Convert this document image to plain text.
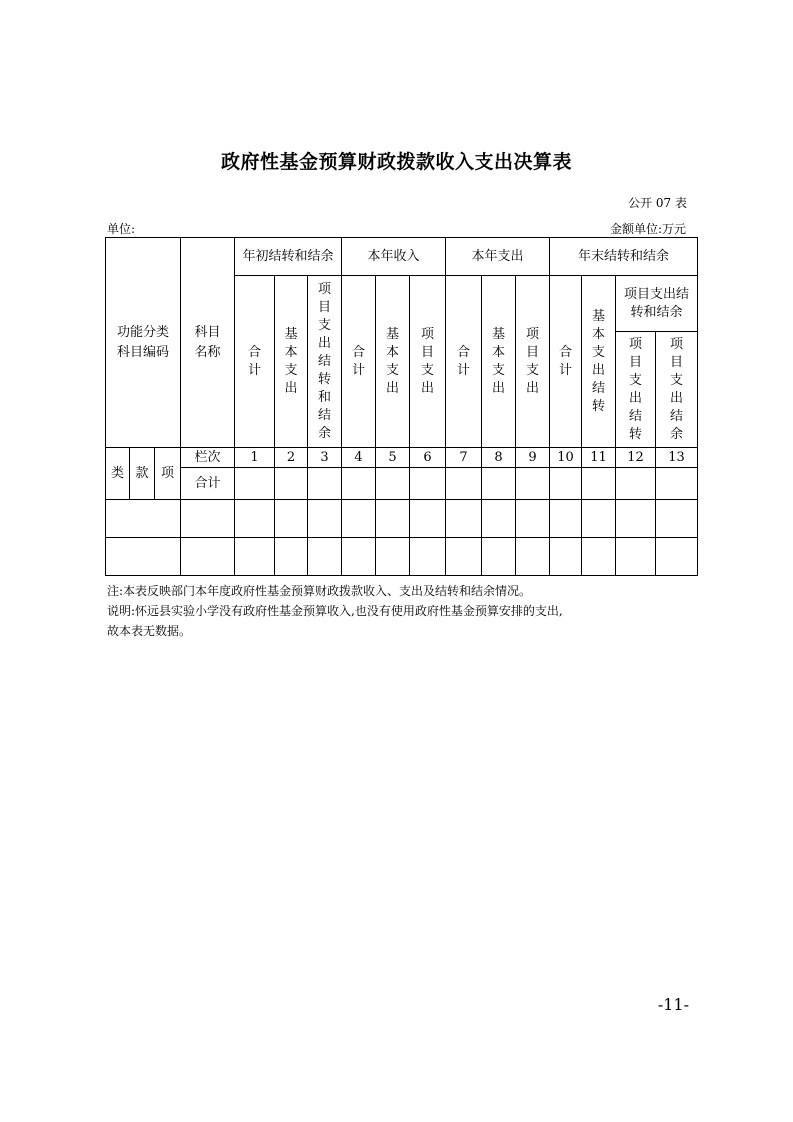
政府性基金预算财政拨款收入支出决算表
公开 07 表
单位:	金额单位:万元
功能分类科目编码			科目名称	年初结转和结余			本年收入			本年支出			年末结转和结余			
				合计	基本支出	项目支出结转和结余	合计	基本支出	项目支出	合计	基本支出	项目支出	合计	基本支出结转	项目支出结转和结余	
															项目支出结转	项目支出结余
类	款	项	栏次	1	2	3	4	5	6	7	8	9	10	11	12	13
			合计													

注:本表反映部门本年度政府性基金预算财政拨款收入、支出及结转和结余情况。
说明:怀远县实验小学没有政府性基金预算收入,也没有使用政府性基金预算安排的支出,
故本表无数据。
-11-
